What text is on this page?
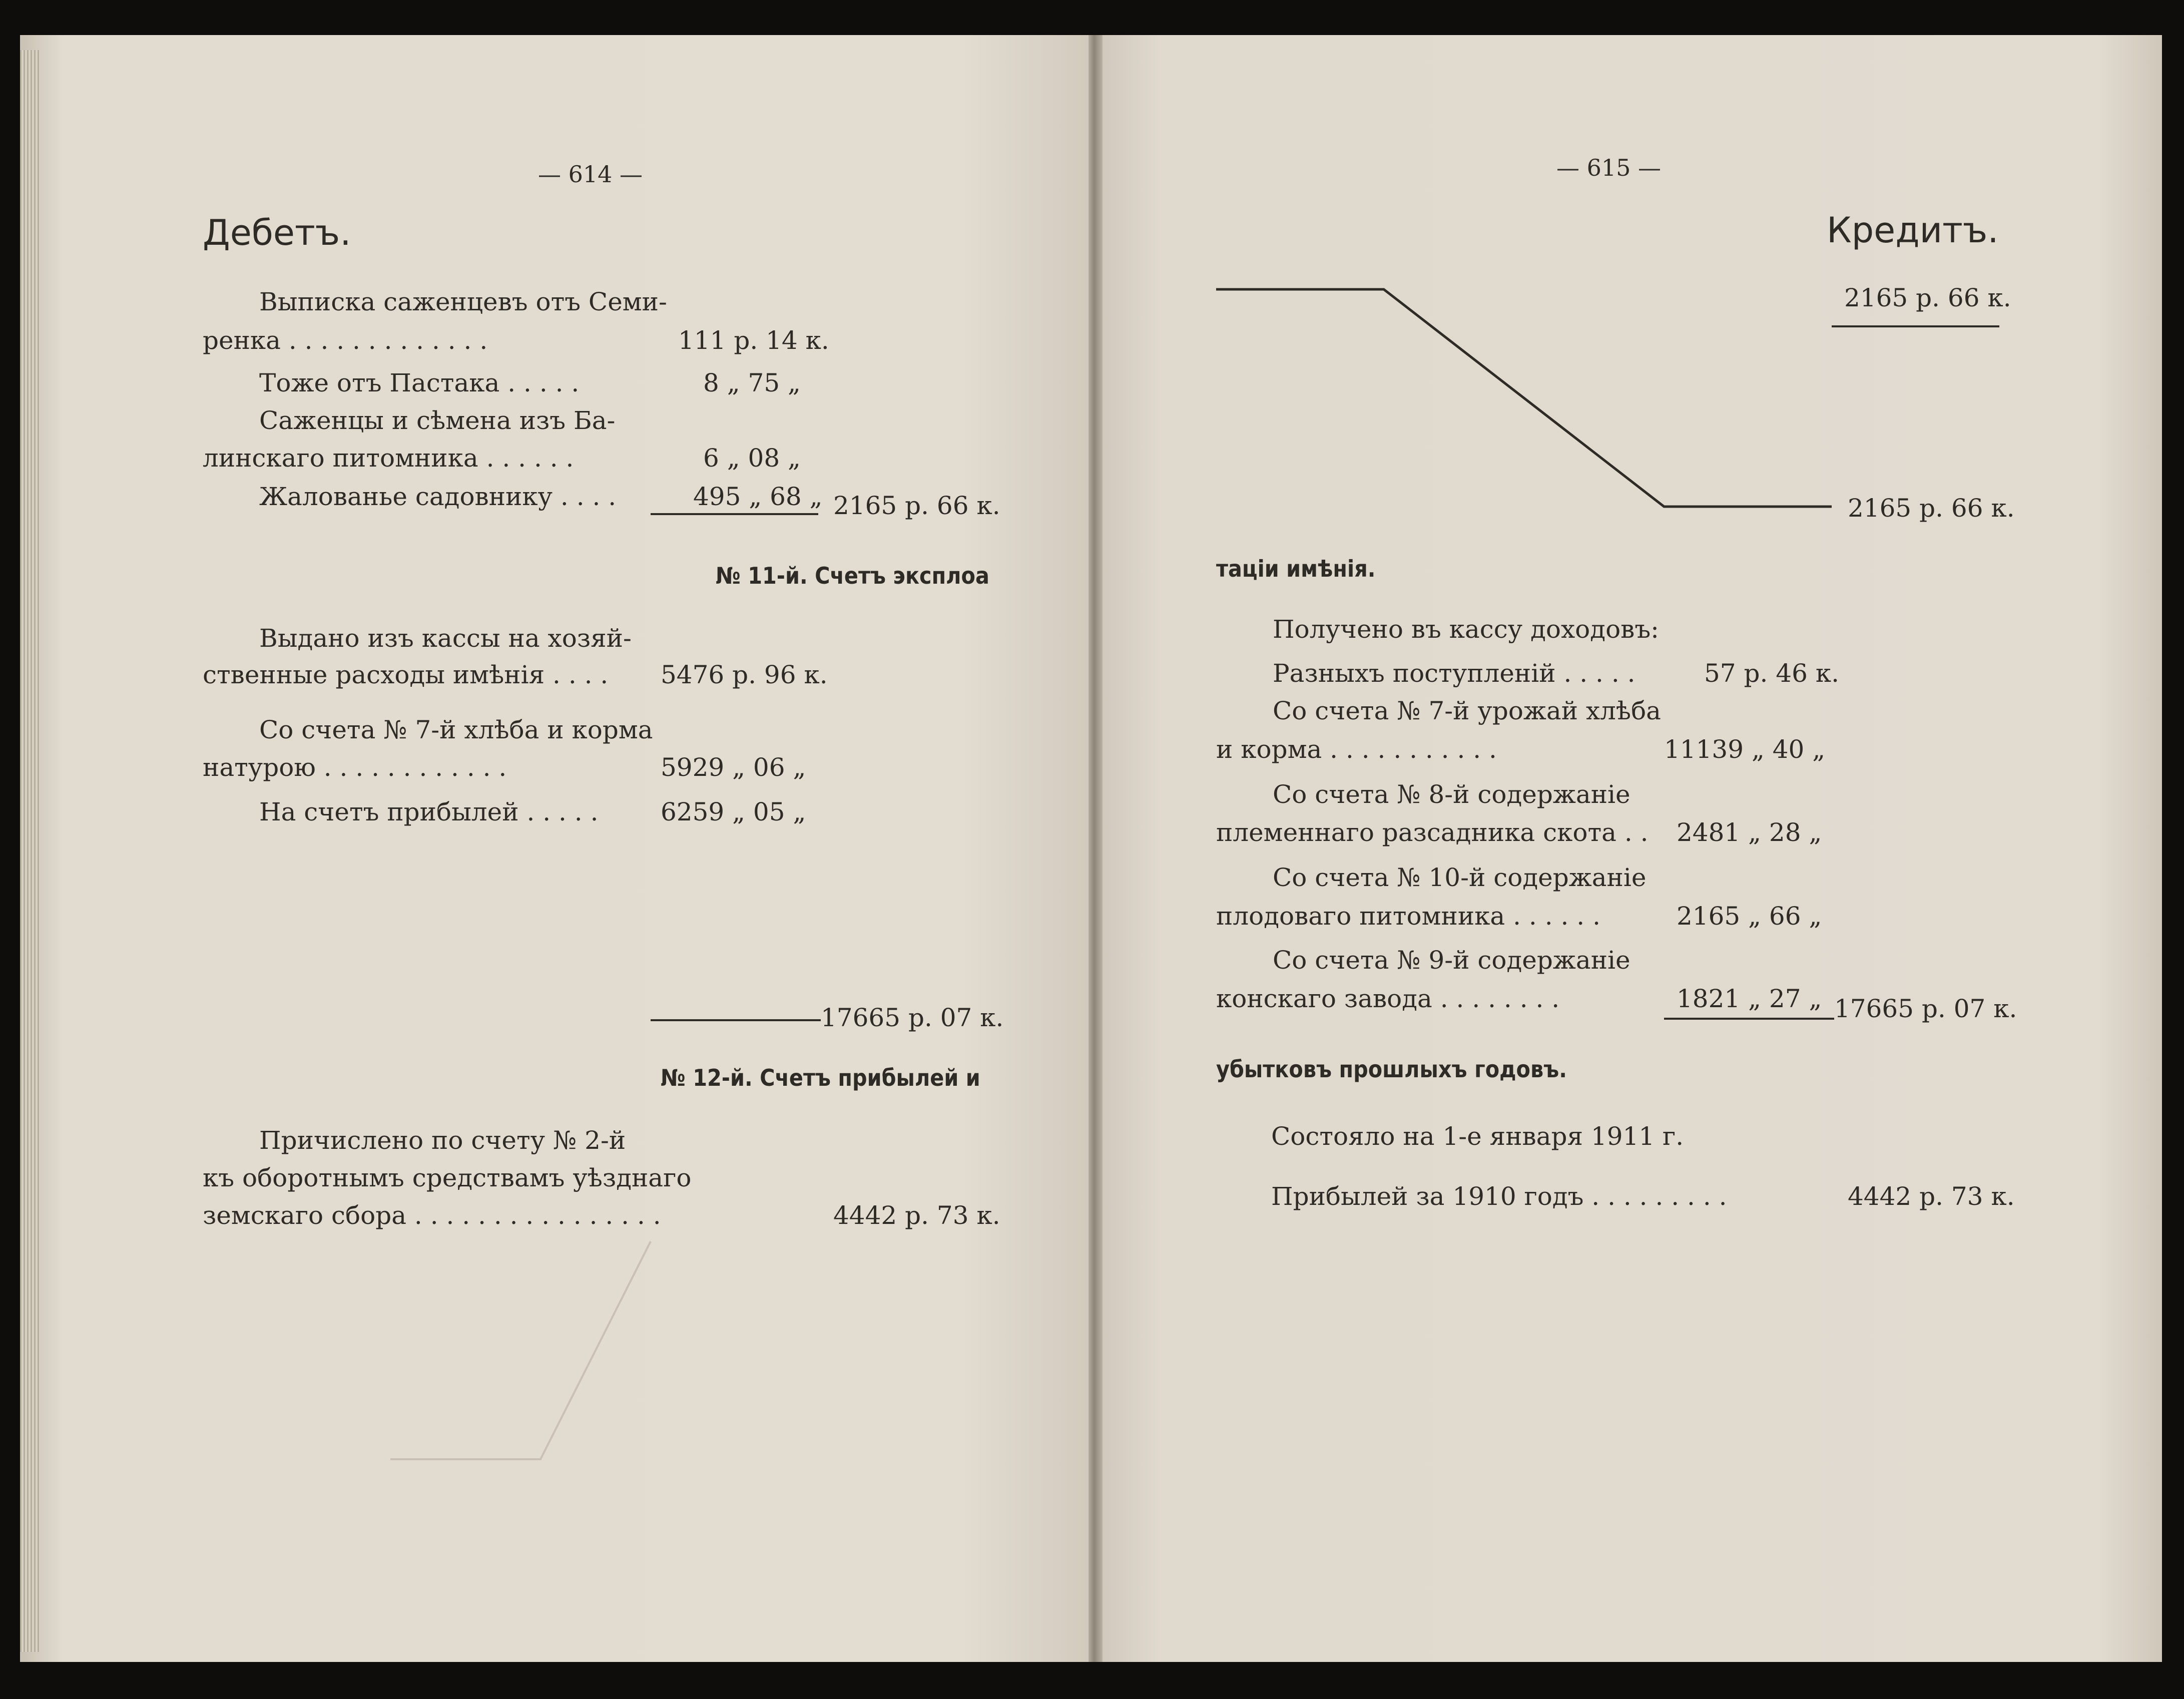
— 614 —
Дебетъ.
Выписка саженцевъ отъ Семи-
ренка . . . . . . . . . . . . .	111 р. 14 к.
Тоже отъ Пастака . . . . .	8 „ 75 „
Саженцы и сѣмена изъ Ба-
линскаго питомника . . . . . .	6 „ 08 „
Жалованье садовнику . . . .	495 „ 68 „ 2165 р. 66 к.
№ 11-й. Счетъ эксплоа
Выдано изъ кассы на хозяй-
ственные расходы имѣнія . . . . 5476 р. 96 к.
Со счета № 7-й хлѣба и корма
натурою . . . . . . . . . . . .	5929 „ 06 „
На счетъ прибылей . . . . . 6259 „ 05 „
17665 р. 07 к.
№ 12-й. Счетъ прибылей и
Причислено по счету № 2-й
къ оборотнымъ средствамъ уѣзднаго
земскаго сбора . . . . . . . . . . . . . . . .	4442 р. 73 к.
— 615 —
Кредитъ.
2165 р. 66 к.
2165 р. 66 к.
таціи имѣнія.
Получено въ кассу доходовъ:
Разныхъ поступленій . . . . .	57 р. 46 к.
Со счета № 7-й урожай хлѣба
и корма . . . . . . . . . . .	11139 „ 40 „
Со счета № 8-й содержаніе
племеннаго разсадника скота . . 2481 „ 28 „
Со счета № 10-й содержаніе
плодоваго питомника . . . . . .	2165 „ 66 „
Со счета № 9-й содержаніе
конскаго завода . . . . . . . .	1821 „ 27 „ 17665 р. 07 к.
убытковъ прошлыхъ годовъ.
Состояло на 1-е января 1911 г.
Прибылей за 1910 годъ . . . . . . . . .	4442 р. 73 к.
